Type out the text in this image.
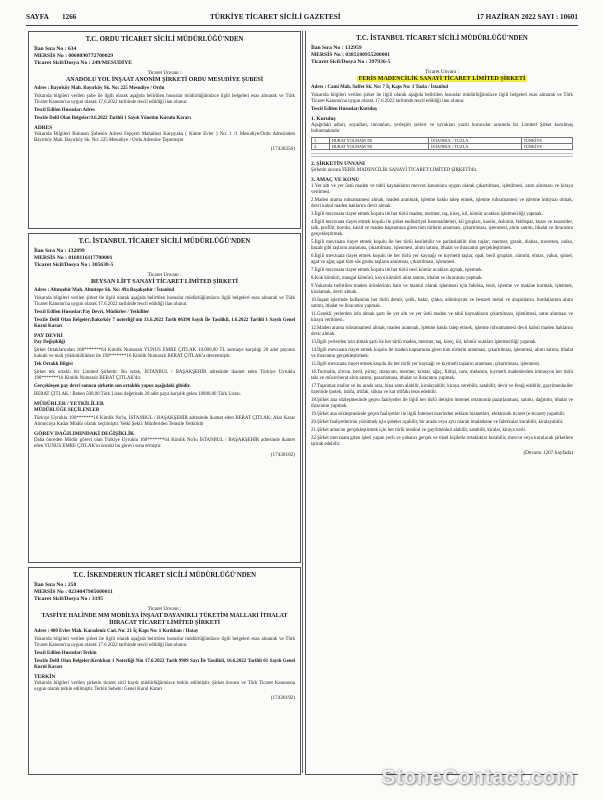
SAYFA 1266	TÜRKİYE TİCARET SİCİLİ GAZETESİ	17 HAZİRAN 2022 SAYI : 10601
T.C. ORDU TİCARET SİCİLİ MÜDÜRLÜĞÜ'NDEN
İlan Sıra No : 634
MERSİS No : 0068090772700029
Ticaret Sicil/Dosya No : 249/MESUDİYE
Ticaret Unvanı :
ANADOLU YOL İNŞAAT ANONİM ŞİRKETİ ORDU MESUDİYE ŞUBESİ
Adres : Bayırköy Mah. Bayırköy Sk. No: 225 Mesudiye / Ordu
Yukarıda bilgileri verilen şube ile ilgili olarak aşağıda belirtilen hususlar müdürlüğümüzce ilgili belgeleri esas alınarak ve Türk Ticaret Kanunu'na uygun olarak 17.6.2022 tarihinde tescil edildiği ilan olunur.
Tescil Edilen Hususlar:Adres
Tescile Delil Olan Belgeler:9.6.2022 Tarihli 1 Sayılı Yönetim Kurulu Kararı
ADRES
Yukarıda Bilgileri Bulunan Şubenin Adresi Fepçem Mahallesi Karşıyaka ( Küme Evler ) No: 1 /1 Mesudiye/Ordu Adresinden Bayırköy Mah. Bayırköy Sk. No: 225 Mesudiye / Ordu Adresine Taşınmıştır
(17430256)
T.C. İSTANBUL TİCARET SİCİLİ MÜDÜRLÜĞÜ'NDEN
İlan Sıra No : 132899
MERSİS No : 0168116117700001
Ticaret Sicil/Dosya No : 305638-5
Ticaret Unvanı :
BEYSAN LİFT SANAYİ TİCARET LİMİTED ŞİRKETİ
Adres : Altınşehir Mah. Altıntepe Sk. No: 49a Başakşehir / İstanbul
Yukarıda bilgileri verilen şirket ile ilgili olarak aşağıda belirtilen hususlar müdürlüğümüzce ilgili belgeleri esas alınarak ve Türk Ticaret Kanunu'na uygun olarak 17.6.2022 tarihinde tescil edildiği ilan olunur.
Tescil Edilen Hususlar:Pay Devri, Müdürler / Yetkililer
Tescile Delil Olan Belgeler:Bakırköy 7 noterliği'nin 13.6.2022 Tarih 06390 Sayılı İle Tasdikli, 1.6.2022 Tarihli 1 Sayılı Genel Kurul Kararı
PAY DEVRİ
Pay Değişikliği
Şirket Ortaklarından 168*******64 Kimlik Numaralı YUNUS EMRE ÇITLAK 10.000,00 TL sermaye karşılığı 20 adet payının hukuki ve mali yükümlülükleri ile 190*******16 Kimlik Numaralı BERAT ÇITLAK'a devretmiştir.
Tek Ortaklı Bilgisi
Şirket tek ortaklı bir Limited Şirkettir. Bu ortak, İSTANBUL / BAŞAKŞEHİR adresinde ikamet eden Türkiye Uyruklu 190*******16 Kimlik Numaralı BERAT ÇITLAK'dır.
Gerçekleşen pay devri sonucu şirketin son ortaklık yapısı aşağıdaki gibidir.
BERAT ÇITLAK : Behen 500,00 Türk Lirası değerinde 20 adet paya karşılık gelen 10000,00 Türk Lirası.
MÜDÜRLER / YETKİLİLER
MÜDÜRLÜĞE SEÇİLENLER
Türkiye Uyruklu 190*******16 Kimlik No'lu, İSTANBUL / BAŞAKŞEHİR adresinde ikamet eden BERAT ÇITLAK; Aksi Karar Alınıncaya Kadar Müdür olarak seçilmiştir. Yetki Şekli: Münferiden Temsile Yetkilidir
GÖREV DAĞILIMINDAKİ DEĞİŞİKLİK
Daha önceden Müdür görevi olan Türkiye Uyruklu 168*******64 Kimlik No'lu İSTANBUL / BAŞAKŞEHİR adresinde ikamet eden YUNUS EMRE ÇITLAK'ın önceki bu görevi sona ermiştir.
(17430182)
T.C. İSKENDERUN TİCARET SİCİLİ MÜDÜRLÜĞÜ'NDEN
İlan Sıra No : 258
MERSİS No : 0234047905600011
Ticaret Sicil/Dosya No : 3195
Ticaret Unvanı :
TASFİYE HALİNDE MM MOBİLYA İNŞAAT DAYANIKLI TÜKETİM MALLARI İTHALAT İHRACAT TİCARET LİMİTED ŞİRKETİ
Adres : 400 Evler Mah. Karadeniz Cad. No: 21 İç Kapı No: 1 Kırıkhan / Hatay
Yukarıda bilgileri verilen şirket ile ilgili olarak aşağıda belirtilen hususlar müdürlüğümüzce ilgili belgeleri esas alınarak ve Türk Ticaret Kanunu'na uygun olarak 17.6.2022 tarihinde tescil edildiği ilan olunur.
Tescil Edilen Hususlar:Terkin
Tescile Delil Olan Belgeler:Kırıkhan 1 Noterliği Nin 17.6.2022 Tarih 9909 Sayı İle Tasdikli, 16.6.2022 Tarihli 01 Sayılı Genel Kurul Kararı
TERKİN
Yukarıda bilgileri verilen şirketin ticaret sicil kaydı müdürlüğümüzce terkin edilmiştir. Şirket ünvanı ve Türk Ticaret Kanununa uygun olarak terkin edilmiştir. Terkin Sebebi: Genel Kurul Kararı
(17430192)
T.C. İSTANBUL TİCARET SİCİLİ MÜDÜRLÜĞÜ'NDEN
İlan Sıra No : 132959
MERSİS No : 0385180955200001
Ticaret Sicil/Dosya No : 397936-5
Ticaret Unvanı :
FERİS MADENCİLİK SANAYİ TİCARET LİMİTED ŞİRKETİ
Adres : Cami Mah. Saffet Sk. No: 7 İç Kapı No: 1 Tuzla / İstanbul
Yukarıda bilgileri verilen şirket ile ilgili olarak aşağıda belirtilen hususlar müdürlüğümüzce ilgili belgeleri esas alınarak ve Türk Ticaret Kanunu'na uygun olarak 17.6.2022 tarihinde tescil edildiği ilan olunur.
Tescil Edilen Hususlar:Kuruluş
1. Kuruluş
Aşağıdaki adları, soyadları, unvanları, yerleşim yerleri ve uyrukları yazılı kurucular arasında bir Limited Şirket kurulmuş bulunmaktadır
1.	HURAT YOLMAM TR	İSTANBUL / TUZLA	TÜRKİYE
2.	HURAT YOLMAM TR	İSTANBUL / TUZLA	TÜRKİYE
2. ŞİRKETİN UNVANI
Şirketin unvanı FERİS MADENCİLİK SANAYİ TİCARET LİMİTED ŞİRKETİ'dir.
3. AMAÇ VE KONU
1.Yer altı ve yer üstü maden ve tabii kaynakların mevcut kanunlara uygun olarak çıkartılması, işletilmesi, satın alınması ve kiraya verilmesi.
2.Maden arama ruhsatnamesi almak, maden aranmak, işletme hakkı talep etmek, işletme ruhsatnamesi ve işletme imtiyazı olmak, devri kabul maden haklarını devir almak.
3.İlgili mevzuata riayet etmek koşulu ile her türlü maden, mermer, taş, kireç, kil, kömür ocakları işletmeciliği yapmak.
4.İlgili mevzuata riayet etmek koşulu ile şirket endüstriyel hammaddeleri, kil grupları, kaolin, dolomit, feldispat, kuars ve kuarsitler, talk, profilit, boroks, kalsit ve maden kapsamına giren tüm türlerin aranması, çıkartılması, işlenmesi, alımı satımı, ithalat ve ihracatını gerçekleştirmek.
5.İlgili mevzuata riayet etmek koşulu ile her türlü kesilebilir ve parlatılabilir tüm taşlar; mermer, granit, diabaz, traverten, oniks, bazalt gibi taşların aranması, çıkartılması, işlenmesi, alımı satımı, ithalat ve ihracatını gerçekleştirmek.
6.İlgili mevzuata riayet etmek koşulu ile her türlü yer kaynağı ve kıymetli taşlar, opal, beril grupları, zümrüt, elmas, yakut, spinel, agat ve ağaç agat tüm süs grubu taşların aranması, çıkartılması, işlenmesi.
7.İlgili mevzuata riayet etmek koşulu ile her türlü nevi kömür ocakları açmak, işletmek.
8.Kok kömürü, mangal kömürü, koyu kömürü alım satımı, ithalat ve ihracatını yapmak.
9.Yukarıda belirtilen maden ürünlerinin ham ve mamul olarak işlenmesi için fabrika, tesis, işletme ve makine kurmak, işletmek, kiralamak, devir almak.
10.İnşaat işlerinde kullanılan her türlü demir, çelik, bakır, çinko, alüminyum ve benzeri metal ve alaşımların, hurdalarının alımı satımı, ithalat ve ihracatını yapmak.
11.Gerekli yerlerden izin almak şartı ile yer altı ve yer üstü maden ve tabii kaynakların çıkartılması, işletilmesi, satın alınması ve kiraya verilmesi.
12.Maden arama ruhsatnamesi almak, maden aranmak, işletme hakkı talep etmek, işletme ruhsatnamesi devri kabul maden haklarını devir almak.
13.İlgili yerlerden izin almak şartı ile her türlü maden, mermer, taş, kireç, kil, kömür ocakları işletmeciliği yapmak.
14.İlgili mevzuata riayet etmek koşulu ile maden kapsamına giren tüm türlerin aranması, çıkartılması, işlenmesi, alımı satımı, ithalat ve ihracatını gerçekleştirmek.
15.İlgili mevzuata riayet etmek koşulu ile her türlü yer kaynağı ve kıymetli taşların aranması, çıkartılması, işlenmesi.
16.Turmalin, zircon, beril, pirinç, titanyum, mermer, kristal, ağaç, fildişi, cam, melamin, kıymetli madenlerden imitasyon her türlü takı ve mücevherat alım satımı, pazarlaması, ithalat ve ihracatını yapmak.
17.Taşınmaz mallar ve bu arada arsa, bina satın alabilir, kiralayabilir, kiraya verebilir, satabilir, devir ve ferağ edebilir, gayrimenkuller üzerinde ipotek, intifa, irtifak, sükna ve kat irtifakı tesis edebilir.
18.Şirket ana sözleşmesinde geçen faaliyetler ile ilgili her türlü iletişim internet ortamında pazarlanması, satımı, dağıtımı, ithalat ve ihracatını yapmak.
19.Şirket ana sözleşmesinde geçen faaliyetler ile ilgili İnternet üzerinden reklam hizmetleri, elektronik ticaret (e-ticaret) yapabilir.
20.Şirket faaliyetlerinin yürütmek için şubeler açabilir, bir arada veya ayrı olarak imalathane ve fabrikalar kurabilir, kiralayabilir.
21.Şirket amacını gerçekleştirmek için her türlü menkul ve gayrimenkul alabilir, satabilir, kiralar, kiraya verir.
22.Şirket mevzuata giren işleri yapan yerli ve yabancı gerçek ve tüzel kişilerle ortaklıklar kurabilir, mevcut veya kurulacak şirketlere iştirak edebilir.
(Devamı 1267.Sayfada)
StoneContact.com
